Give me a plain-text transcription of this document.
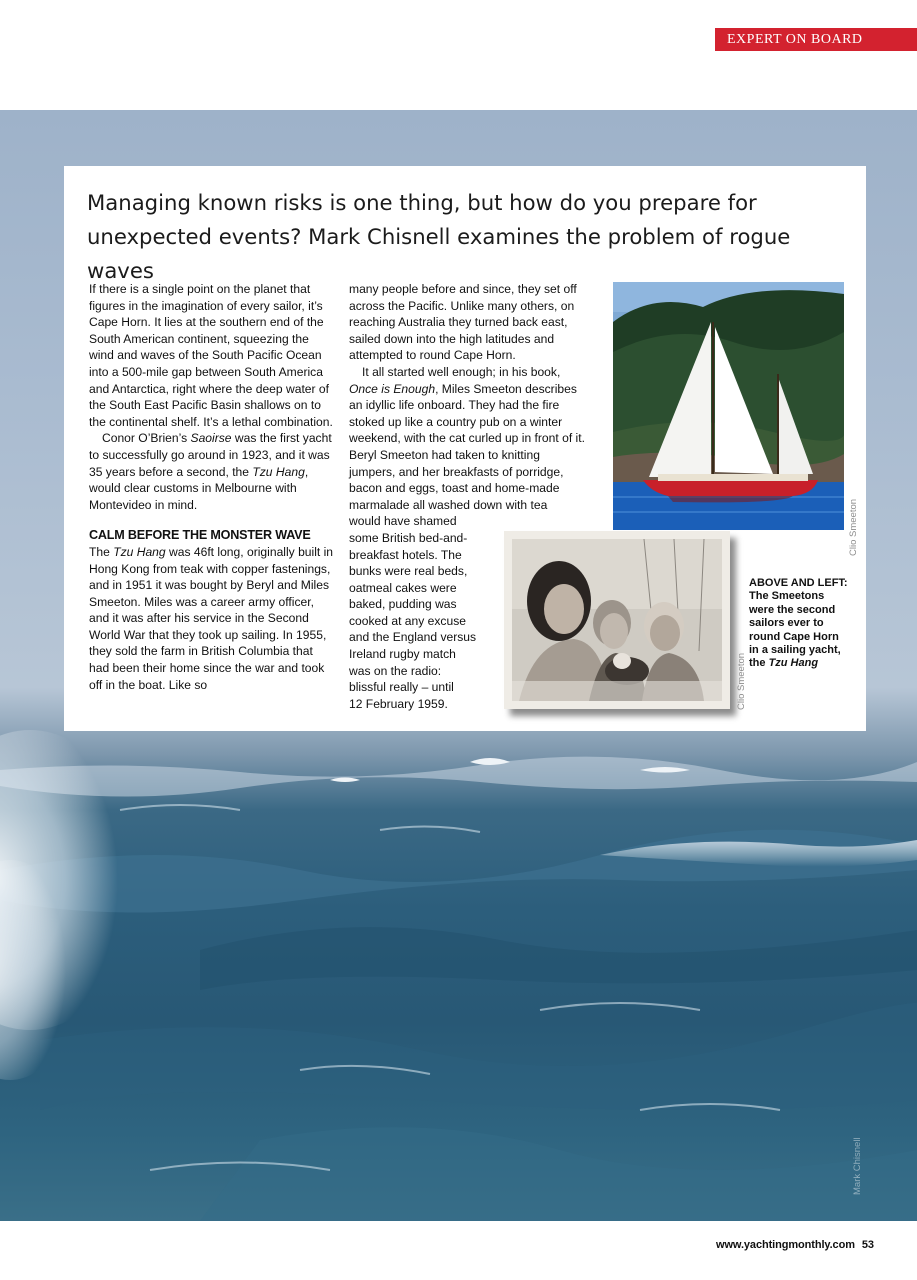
EXPERT ON BOARD
Mark Chisnell
Managing known risks is one thing, but how do you prepare for unexpected events? Mark Chisnell examines the problem of rogue waves

If there is a single point on the planet that figures in the imagination of every sailor, it’s Cape Horn. It lies at the southern end of the South American continent, squeezing the wind and waves of the South Pacific Ocean into a 500-mile gap between South America and Antarctica, right where the deep water of the South East Pacific Basin shallows on to the continental shelf. It’s a lethal combination.

Conor O’Brien’s Saoirse was the first yacht to successfully go around in 1923, and it was 35 years before a second, the Tzu Hang, would clear customs in Melbourne with Montevideo in mind.

CALM BEFORE THE MONSTER WAVE

The Tzu Hang was 46ft long, originally built in Hong Kong from teak with copper fastenings, and in 1951 it was bought by Beryl and Miles Smeeton. Miles was a career army officer, and it was after his service in the Second World War that they took up sailing. In 1955, they sold the farm in British Columbia that had been their home since the war and took off in the boat. Like so

many people before and since, they set off across the Pacific. Unlike many others, on reaching Australia they turned back east, sailed down into the high latitudes and attempted to round Cape Horn.

It all started well enough; in his book, Once is Enough, Miles Smeeton describes an idyllic life onboard. They had the fire stoked up like a country pub on a winter weekend, with the cat curled up in front of it. Beryl Smeeton had taken to knitting jumpers, and her breakfasts of porridge, bacon and eggs, toast and home-made marmalade all washed down with tea

would have shamed
some British bed-and-
breakfast hotels. The
bunks were real beds,
oatmeal cakes were
baked, pudding was
cooked at any excuse
and the England versus
Ireland rugby match
was on the radio:
blissful really – until
12 February 1959.
Clio Smeeton
Clio Smeeton

ABOVE AND LEFT: The Smeetons were the second sailors ever to round Cape Horn in a sailing yacht, the Tzu Hang

www.yachtingmonthly.com 53
